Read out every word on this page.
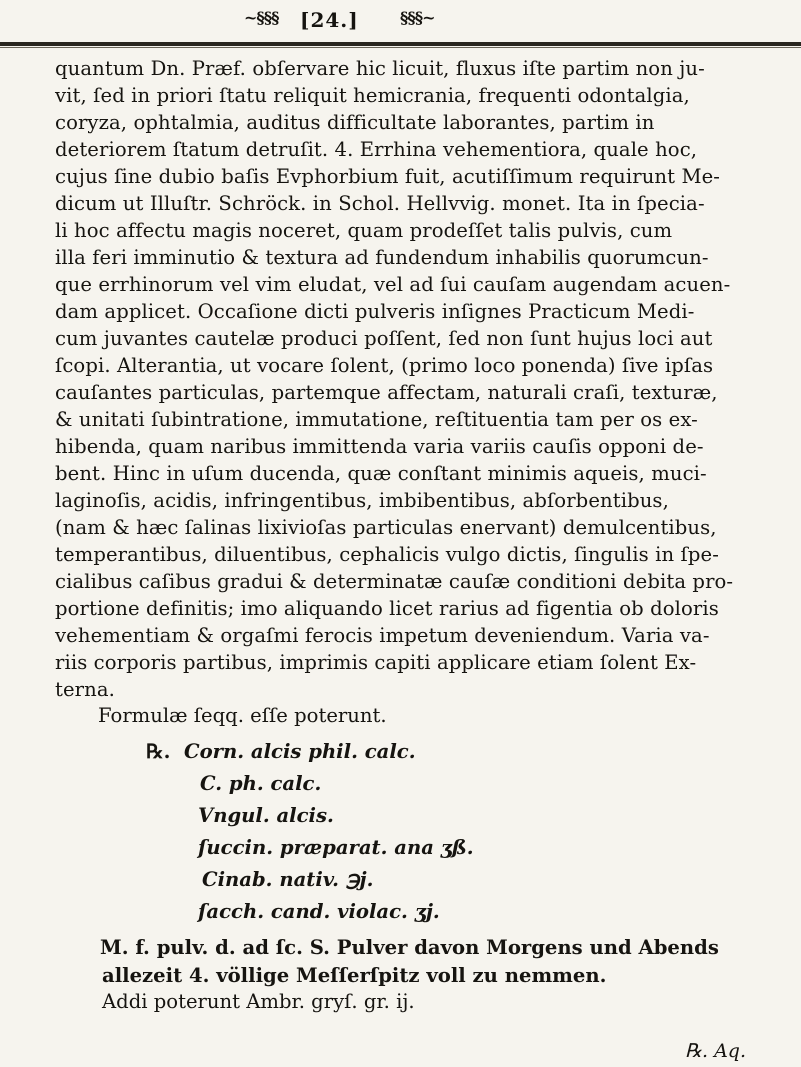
~§§§ [24.]	§§§~
quantum Dn. Præf. obſervare hic licuit, fluxus iſte partim non ju-
vit, ſed in priori ſtatu reliquit hemicrania, frequenti odontalgia,
coryza, ophtalmia, auditus difficultate laborantes, partim in
deteriorem ſtatum detruſit. 4. Errhina vehementiora, quale hoc,
cujus ſine dubio baſis Evphorbium fuit, acutiſſimum requirunt Me-
dicum ut Illuſtr. Schröck. in Schol. Hellvvig. monet. Ita in ſpecia-
li hoc affectu magis noceret, quam prodeſſet talis pulvis, cum
illa feri imminutio & textura ad fundendum inhabilis quorumcun-
que errhinorum vel vim eludat, vel ad ſui cauſam augendam acuen-
dam applicet. Occaſione dicti pulveris inſignes Practicum Medi-
cum juvantes cautelæ produci poſſent, ſed non ſunt hujus loci aut
ſcopi. Alterantia, ut vocare ſolent, (primo loco ponenda) ſive ipſas
cauſantes particulas, partemque affectam, naturali craſi, texturæ,
& unitati ſubintratione, immutatione, reſtituentia tam per os ex-
hibenda, quam naribus immittenda varia variis cauſis opponi de-
bent. Hinc in uſum ducenda, quæ conſtant minimis aqueis, muci-
laginoſis, acidis, infringentibus, imbibentibus, abſorbentibus,
(nam & hæc ſalinas lixivioſas particulas enervant) demulcentibus,
temperantibus, diluentibus, cephalicis vulgo dictis, ſingulis in ſpe-
cialibus caſibus gradui & determinatæ cauſæ conditioni debita pro-
portione definitis; imo aliquando licet rarius ad figentia ob doloris
vehementiam & orgaſmi ferocis impetum deveniendum. Varia va-
riis corporis partibus, imprimis capiti applicare etiam ſolent Ex-
terna.
Formulæ ſeqq. eſſe poterunt.
℞. Corn. alcis phil. calc.
C. ph. calc.
Vngul. alcis.
ſuccin. præparat. ana ʒß.
Cinab. nativ. ℈j.
ſacch. cand. violac. ʒj.
M. f. pulv. d. ad ſc. S. Pulver davon Morgens und Abends
allezeit 4. völlige Meſſerſpitz voll zu nemmen.
Addi poterunt Ambr. gryſ. gr. ij.
℞. Aq.
